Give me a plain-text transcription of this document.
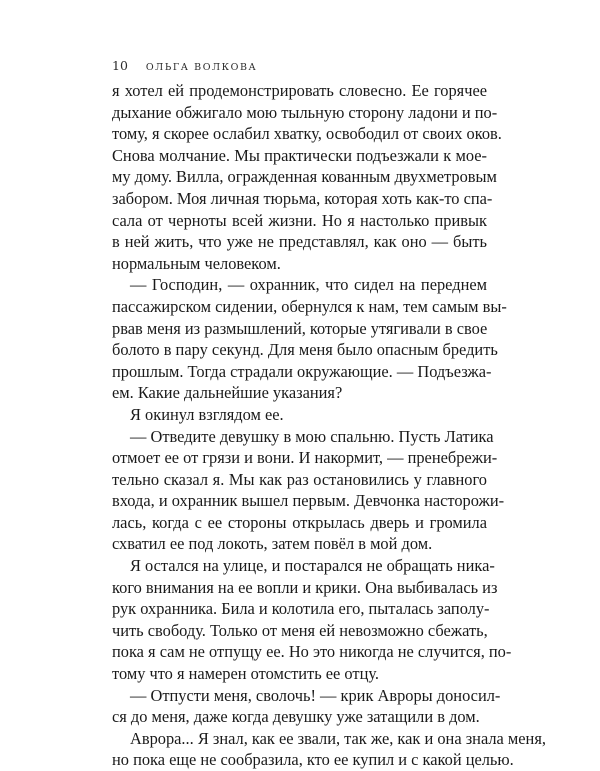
10 ОЛЬГА ВОЛКОВА
я хотел ей продемонстрировать словесно. Ее горячее
дыхание обжигало мою тыльную сторону ладони и по-
тому, я скорее ослабил хватку, освободил от своих оков.
Снова молчание. Мы практически подъезжали к мое-
му дому. Вилла, огражденная кованным двухметровым
забором. Моя личная тюрьма, которая хоть как-то спа-
сала от черноты всей жизни. Но я настолько привык
в ней жить, что уже не представлял, как оно — быть
нормальным человеком.
— Господин, — охранник, что сидел на переднем
пассажирском сидении, обернулся к нам, тем самым вы-
рвав меня из размышлений, которые утягивали в свое
болото в пару секунд. Для меня было опасным бредить
прошлым. Тогда страдали окружающие. — Подъезжа-
ем. Какие дальнейшие указания?
Я окинул взглядом ее.
— Отведите девушку в мою спальню. Пусть Латика
отмоет ее от грязи и вони. И накормит, — пренебрежи-
тельно сказал я. Мы как раз остановились у главного
входа, и охранник вышел первым. Девчонка насторожи-
лась, когда с ее стороны открылась дверь и громила
схватил ее под локоть, затем повёл в мой дом.
Я остался на улице, и постарался не обращать ника-
кого внимания на ее вопли и крики. Она выбивалась из
рук охранника. Била и колотила его, пыталась заполу-
чить свободу. Только от меня ей невозможно сбежать,
пока я сам не отпущу ее. Но это никогда не случится, по-
тому что я намерен отомстить ее отцу.
— Отпусти меня, сволочь! — крик Авроры доносил-
ся до меня, даже когда девушку уже затащили в дом.
Аврора... Я знал, как ее звали, так же, как и она знала меня,
но пока еще не сообразила, кто ее купил и с какой целью.
